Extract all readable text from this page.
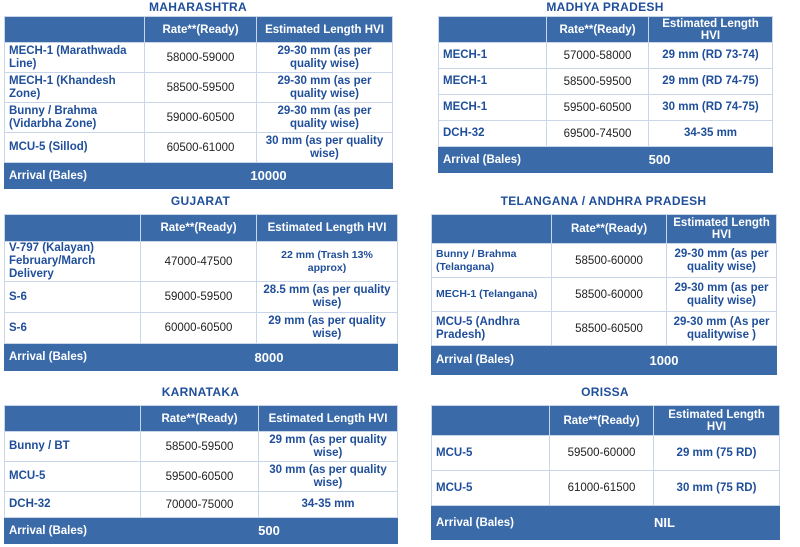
MAHARASHTRA
	Rate**(Ready)	Estimated Length HVI
MECH-1 (Marathwada Line)	58000-59000	29-30 mm (as per quality wise)
MECH-1 (Khandesh Zone)	58500-59500	29-30 mm (as per quality wise)
Bunny / Brahma (Vidarbha Zone)	59000-60500	29-30 mm (as per quality wise)
MCU-5 (Sillod)	60500-61000	30 mm (as per quality wise)
Arrival (Bales)	10000	
MADHYA PRADESH
	Rate**(Ready)	Estimated Length HVI
MECH-1	57000-58000	29 mm (RD 73-74)
MECH-1	58500-59500	29 mm (RD 74-75)
MECH-1	59500-60500	30 mm (RD 74-75)
DCH-32	69500-74500	34-35 mm
Arrival (Bales)	500	
GUJARAT
	Rate**(Ready)	Estimated Length HVI
V-797 (Kalayan) February/March Delivery	47000-47500	22 mm (Trash 13% approx)
S-6	59000-59500	28.5 mm (as per quality wise)
S-6	60000-60500	29 mm (as per quality wise)
Arrival (Bales)	8000	
TELANGANA / ANDHRA PRADESH
	Rate**(Ready)	Estimated Length HVI
Bunny / Brahma (Telangana)	58500-60000	29-30 mm (as per quality wise)
MECH-1 (Telangana)	58500-60000	29-30 mm (as per quality wise)
MCU-5 (Andhra Pradesh)	58500-60500	29-30 mm (As per qualitywise )
Arrival (Bales)	1000	
KARNATAKA
	Rate**(Ready)	Estimated Length HVI
Bunny / BT	58500-59500	29 mm (as per quality wise)
MCU-5	59500-60500	30 mm (as per quality wise)
DCH-32	70000-75000	34-35 mm
Arrival (Bales)	500	
ORISSA
	Rate**(Ready)	Estimated Length HVI
MCU-5	59500-60000	29 mm (75 RD)
MCU-5	61000-61500	30 mm (75 RD)
Arrival (Bales)	NIL	
